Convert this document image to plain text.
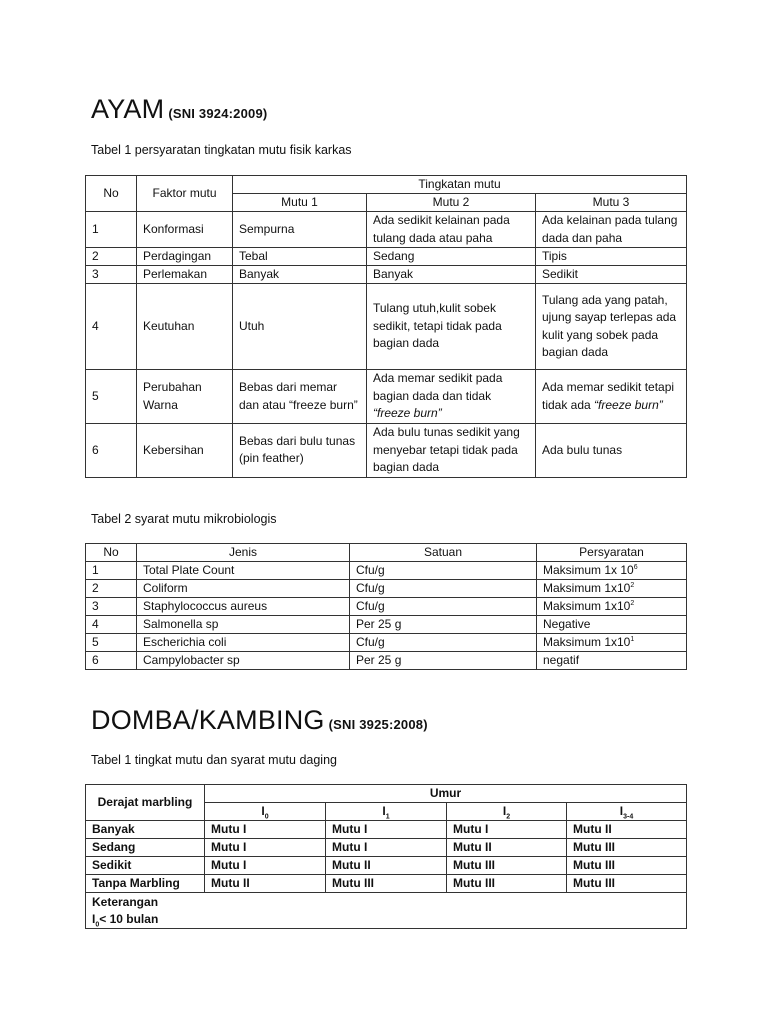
AYAM (SNI 3924:2009)
Tabel 1 persyaratan tingkatan mutu fisik karkas
No	Faktor mutu	Tingkatan mutu		
		Mutu 1	Mutu 2	Mutu 3
1	Konformasi	Sempurna	Ada sedikit kelainan pada tulang dada atau paha	Ada kelainan pada tulang dada dan paha
2	Perdagingan	Tebal	Sedang	Tipis
3	Perlemakan	Banyak	Banyak	Sedikit
4	Keutuhan	Utuh	Tulang utuh,kulit sobek sedikit, tetapi tidak pada bagian dada	Tulang ada yang patah, ujung sayap terlepas ada kulit yang sobek pada bagian dada
5	Perubahan Warna	Bebas dari memar dan atau “freeze burn”	Ada memar sedikit pada bagian dada dan tidak “freeze burn”	Ada memar sedikit tetapi tidak ada “freeze burn”
6	Kebersihan	Bebas dari bulu tunas (pin feather)	Ada bulu tunas sedikit yang menyebar tetapi tidak pada bagian dada	Ada bulu tunas
Tabel 2 syarat mutu mikrobiologis
No	Jenis	Satuan	Persyaratan
1	Total Plate Count	Cfu/g	Maksimum 1x $10^6$
2	Coliform	Cfu/g	Maksimum $1x10^2$
3	Staphylococcus aureus	Cfu/g	Maksimum $1x10^2$
4	Salmonella sp	Per 25 g	Negative
5	Escherichia coli	Cfu/g	Maksimum $1x10^1$
6	Campylobacter sp	Per 25 g	negatif
DOMBA/KAMBING (SNI 3925:2008)
Tabel 1 tingkat mutu dan syarat mutu daging
Derajat marbling	Umur			
	$I_0$	$I_1$	$I_2$	$I_{3-4}$
Banyak	Mutu I	Mutu I	Mutu I	Mutu II
Sedang	Mutu I	Mutu I	Mutu II	Mutu III
Sedikit	Mutu I	Mutu II	Mutu III	Mutu III
Tanpa Marbling	Mutu II	Mutu III	Mutu III	Mutu III

Keterangan
$I_0< 10$ bulan				
